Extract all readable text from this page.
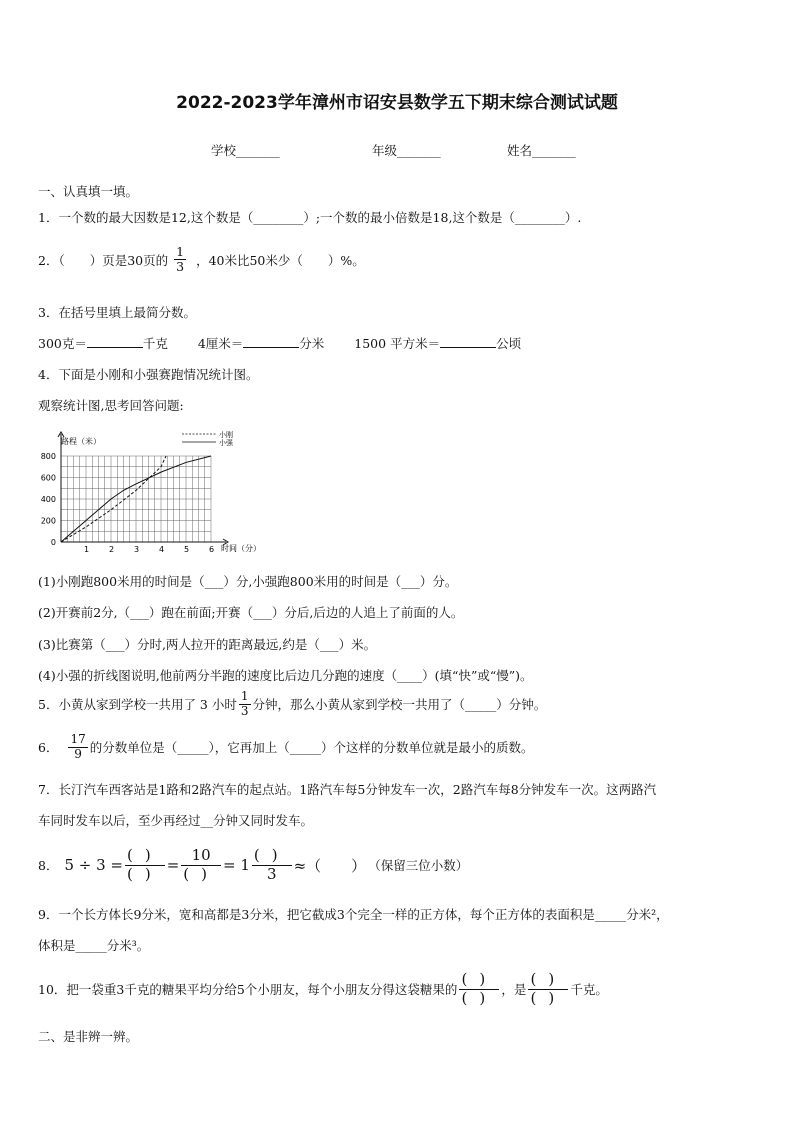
2022-2023学年漳州市诏安县数学五下期末综合测试试题
学校_______	年级_______	姓名_______
一、认真填一填。
1．一个数的最大因数是12,这个数是（________）;一个数的最小倍数是18,这个数是（________）.
2．（　　）页是30页的 $\frac{1}{3}$ ，40米比50米少（　　）%。
3．在括号里填上最简分数。
300克＝	千克 4厘米＝	分米 1500 平方米＝	公顷
4．下面是小刚和小强赛跑情况统计图。
观察统计图,思考回答问题:
1 2 3 4 5 6
0
200
400
600
800
小刚
小强
路程（米）
时间（分）
(1)小刚跑800米用的时间是（___）分,小强跑800米用的时间是（___）分。
(2)开赛前2分,（___）跑在前面;开赛（___）分后,后边的人追上了前面的人。
(3)比赛第（___）分时,两人拉开的距离最远,约是（___）米。
(4)小强的折线图说明,他前两分半跑的速度比后边几分跑的速度（____）(填“快”或“慢”)。
5．小黄从家到学校一共用了 3 小时 $\frac{1}{3}$ 分钟，那么小黄从家到学校一共用了（_____）分钟。
6． $\frac{17}{9}$ 的分数单位是（_____），它再加上（_____）个这样的分数单位就是最小的质数。
7．长汀汽车西客站是1路和2路汽车的起点站。1路汽车每5分钟发车一次，2路汽车每8分钟发车一次。这两路汽
车同时发车以后，至少再经过__分钟又同时发车。
8． $5 \div 3 = \frac{()}{()} = \frac{10}{()} = 1 \frac{()}{3}$ ≈（　　） （保留三位小数）
9．一个长方体长9分米，宽和高都是3分米，把它截成3个完全一样的正方体，每个正方体的表面积是_____分米²，
体积是_____分米³。
10．把一袋重3千克的糖果平均分给5个小朋友，每个小朋友分得这袋糖果的 $\frac{()}{()}$ ，是 $\frac{()}{()}$ 千克。
二、是非辨一辨。
